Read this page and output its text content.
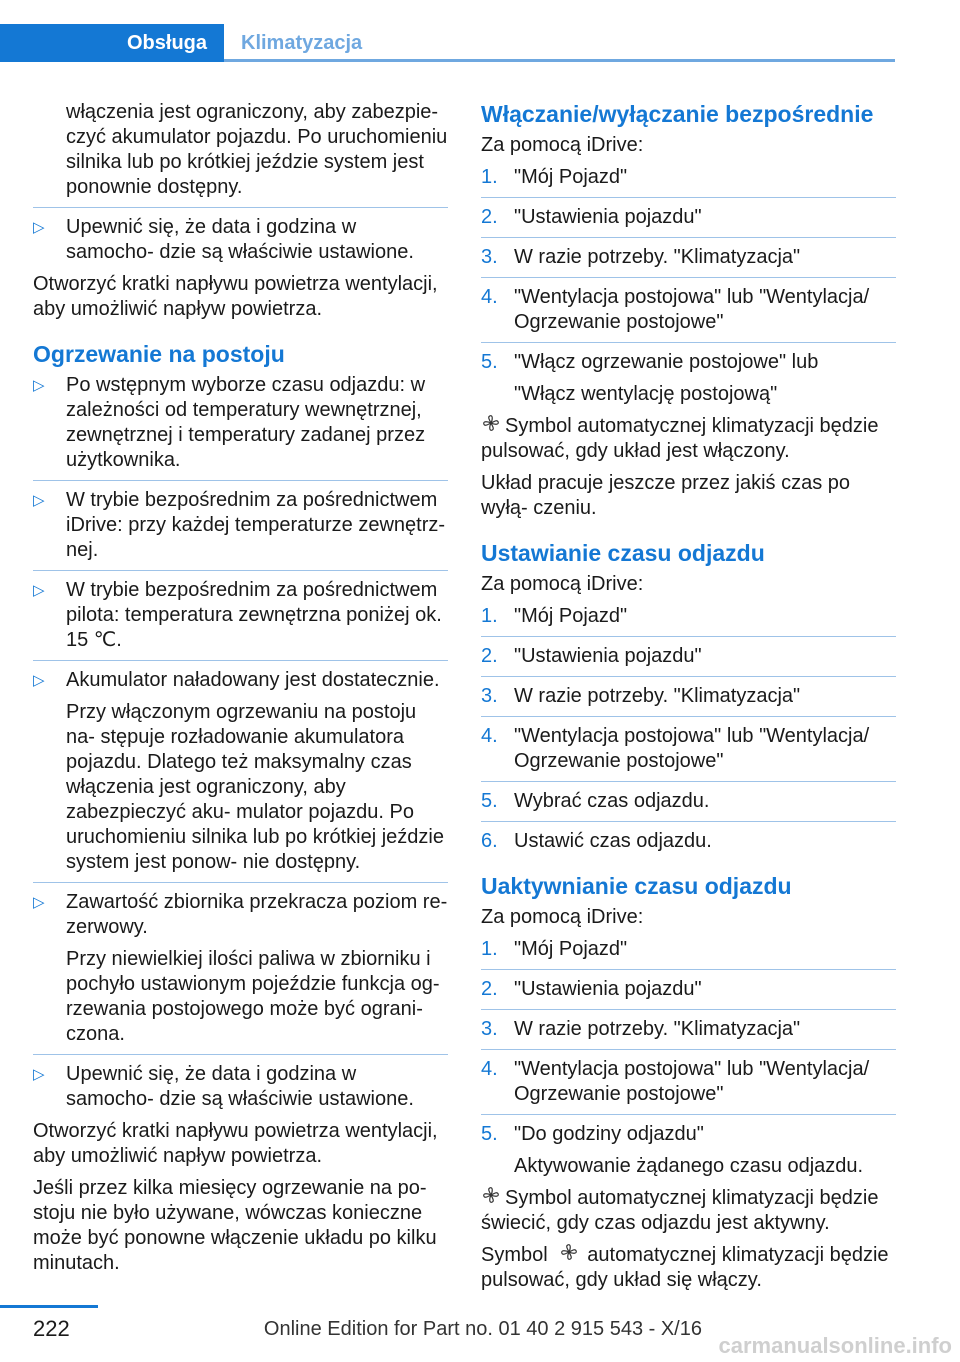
Obsługa	Klimatyzacja

włączenia jest ograniczony, aby zabezpie‐ czyć akumulator pojazdu. Po uruchomieniu silnika lub po krótkiej jeździe system jest ponownie dostępny.

▷ Upewnić się, że data i godzina w samocho‐ dzie są właściwie ustawione.

Otworzyć kratki napływu powietrza wentylacji, aby umożliwić napływ powietrza.

Ogrzewanie na postoju
▷ Po wstępnym wyborze czasu odjazdu: w zależności od temperatury wewnętrznej, zewnętrznej i temperatury zadanej przez użytkownika.
▷ W trybie bezpośrednim za pośrednictwem iDrive: przy każdej temperaturze zewnętrz‐ nej.
▷ W trybie bezpośrednim za pośrednictwem pilota: temperatura zewnętrzna poniżej ok. 15 ℃.
▷ Akumulator naładowany jest dostatecznie.
Przy włączonym ogrzewaniu na postoju na‐ stępuje rozładowanie akumulatora pojazdu. Dlatego też maksymalny czas włączenia jest ograniczony, aby zabezpieczyć aku‐ mulator pojazdu. Po uruchomieniu silnika lub po krótkiej jeździe system jest ponow‐ nie dostępny.
▷ Zawartość zbiornika przekracza poziom re‐ zerwowy.
Przy niewielkiej ilości paliwa w zbiorniku i pochyło ustawionym pojeździe funkcja og‐ rzewania postojowego może być ograni‐ czona.
▷ Upewnić się, że data i godzina w samocho‐ dzie są właściwie ustawione.

Otworzyć kratki napływu powietrza wentylacji, aby umożliwić napływ powietrza.

Jeśli przez kilka miesięcy ogrzewanie na po‐ stoju nie było używane, wówczas konieczne może być ponowne włączenie układu po kilku minutach.

Włączanie/wyłączanie bezpośrednie

Za pomocą iDrive:

1. "Mój Pojazd"
2. "Ustawienia pojazdu"
3. W razie potrzeby. "Klimatyzacja"
4. "Wentylacja postojowa" lub "Wentylacja/ Ogrzewanie postojowe"
5. "Włącz ogrzewanie postojowe" lub
"Włącz wentylację postojową"

Symbol automatycznej klimatyzacji będzie pulsować, gdy układ jest włączony.

Układ pracuje jeszcze przez jakiś czas po wyłą‐ czeniu.

Ustawianie czasu odjazdu

Za pomocą iDrive:

1. "Mój Pojazd"
2. "Ustawienia pojazdu"
3. W razie potrzeby. "Klimatyzacja"
4. "Wentylacja postojowa" lub "Wentylacja/ Ogrzewanie postojowe"
5. Wybrać czas odjazdu.
6. Ustawić czas odjazdu.
Uaktywnianie czasu odjazdu

Za pomocą iDrive:

1. "Mój Pojazd"
2. "Ustawienia pojazdu"
3. W razie potrzeby. "Klimatyzacja"
4. "Wentylacja postojowa" lub "Wentylacja/ Ogrzewanie postojowe"
5. "Do godziny odjazdu"
Aktywowanie żądanego czasu odjazdu.

Symbol automatycznej klimatyzacji będzie świecić, gdy czas odjazdu jest aktywny.

Symbol automatycznej klimatyzacji będzie pulsować, gdy układ się włączy.

222	Online Edition for Part no. 01 40 2 915 543 - X/16
carmanualsonline.info
